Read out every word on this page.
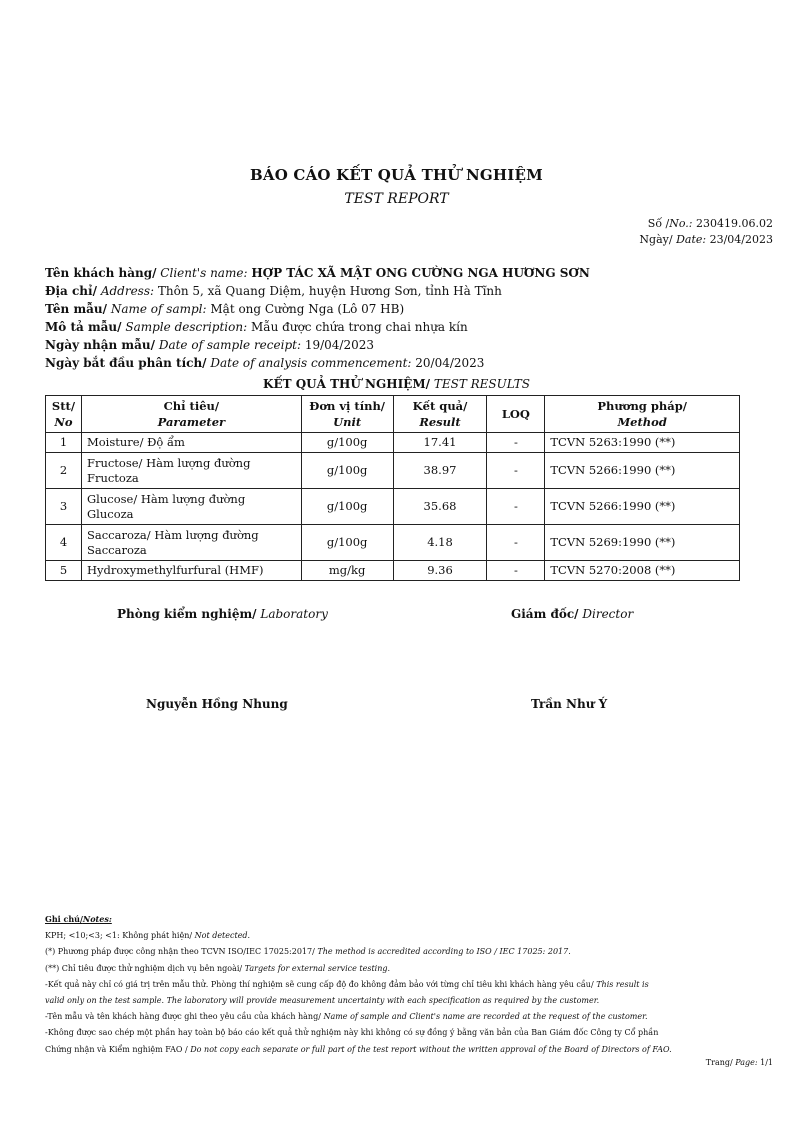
BÁO CÁO KẾT QUẢ THỬ NGHIỆM
TEST REPORT
Số /No.: 230419.06.02
Ngày/ Date: 23/04/2023
Tên khách hàng/ Client's name: HỢP TÁC XÃ MẬT ONG CƯỜNG NGA HƯƠNG SƠN
Địa chỉ/ Address: Thôn 5, xã Quang Diệm, huyện Hương Sơn, tỉnh Hà Tĩnh
Tên mẫu/ Name of sampl: Mật ong Cường Nga (Lô 07 HB)
Mô tả mẫu/ Sample description: Mẫu được chứa trong chai nhựa kín
Ngày nhận mẫu/ Date of sample receipt: 19/04/2023
Ngày bắt đầu phân tích/ Date of analysis commencement: 20/04/2023
KẾT QUẢ THỬ NGHIỆM/ TEST RESULTS
Stt/
No	Chỉ tiêu/
Parameter	Đơn vị tính/
Unit	Kết quả/
Result	LOQ	Phương pháp/
Method

1	Moisture/ Độ ẩm	g/100g	17.41	-	TCVN 5263:1990 (**)
2	Fructose/ Hàm lượng đường
Fructoza	g/100g	38.97	-	TCVN 5266:1990 (**)
3	Glucose/ Hàm lượng đường
Glucoza	g/100g	35.68	-	TCVN 5266:1990 (**)
4	Saccaroza/ Hàm lượng đường
Saccaroza	g/100g	4.18	-	TCVN 5269:1990 (**)
5	Hydroxymethylfurfural (HMF)	mg/kg	9.36	-	TCVN 5270:2008 (**)
Phòng kiểm nghiệm/ Laboratory	Giám đốc/ Director
Nguyễn Hồng Nhung	Trần Như Ý
Ghi chú/Notes:
KPH; <10;<3; <1: Không phát hiện/ Not detected.
(*) Phương pháp được công nhận theo TCVN ISO/IEC 17025:2017/ The method is accredited according to ISO / IEC 17025: 2017.
(**) Chỉ tiêu được thử nghiệm dịch vụ bên ngoài/ Targets for external service testing.
-Kết quả này chỉ có giá trị trên mẫu thử. Phòng thí nghiệm sẽ cung cấp độ đo không đảm bảo với từng chỉ tiêu khi khách hàng yêu cầu/ This result is
valid only on the test sample. The laboratory will provide measurement uncertainty with each specification as required by the customer.
-Tên mẫu và tên khách hàng được ghi theo yêu cầu của khách hàng/ Name of sample and Client's name are recorded at the request of the customer.
-Không được sao chép một phần hay toàn bộ báo cáo kết quả thử nghiệm này khi không có sự đồng ý bằng văn bản của Ban Giám đốc Công ty Cổ phần
Chứng nhận và Kiểm nghiệm FAO / Do not copy each separate or full part of the test report without the written approval of the Board of Directors of FAO.
Trang/ Page: 1/1
